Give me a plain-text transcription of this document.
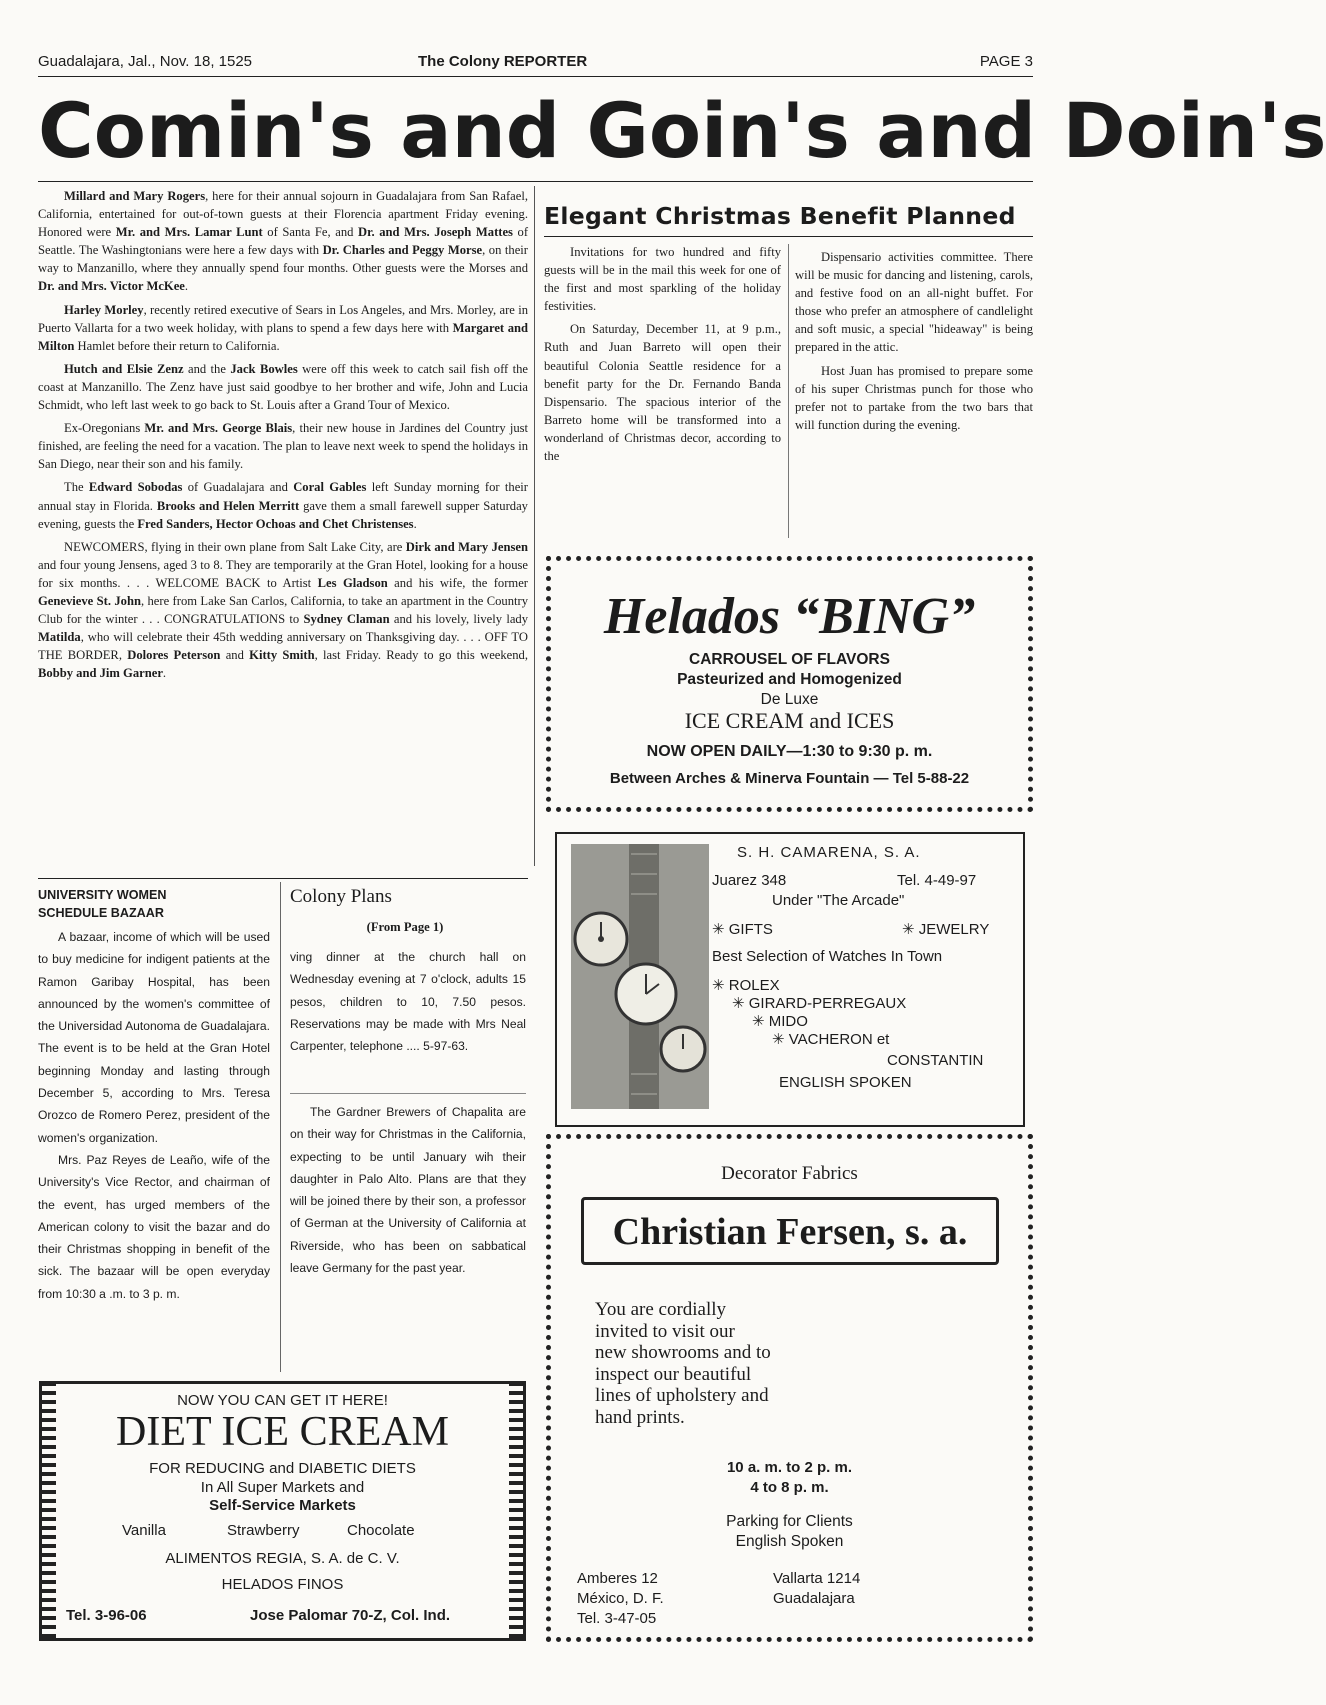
Guadalajara, Jal., Nov. 18, 1525	The Colony REPORTER	PAGE 3
Comin's and Goin's and Doin's

Millard and Mary Rogers, here for their annual sojourn in Guadalajara from San Rafael, California, entertained for out-of-town guests at their Florencia apartment Friday evening. Honored were Mr. and Mrs. Lamar Lunt of Santa Fe, and Dr. and Mrs. Joseph Mattes of Seattle. The Washingtonians were here a few days with Dr. Charles and Peggy Morse, on their way to Manzanillo, where they annually spend four months. Other guests were the Morses and Dr. and Mrs. Victor McKee.

Harley Morley, recently retired executive of Sears in Los Angeles, and Mrs. Morley, are in Puerto Vallarta for a two week holiday, with plans to spend a few days here with Margaret and Milton Hamlet before their return to California.

Hutch and Elsie Zenz and the Jack Bowles were off this week to catch sail fish off the coast at Manzanillo. The Zenz have just said goodbye to her brother and wife, John and Lucia Schmidt, who left last week to go back to St. Louis after a Grand Tour of Mexico.

Ex-Oregonians Mr. and Mrs. George Blais, their new house in Jardines del Country just finished, are feeling the need for a vacation. The plan to leave next week to spend the holidays in San Diego, near their son and his family.

The Edward Sobodas of Guadalajara and Coral Gables left Sunday morning for their annual stay in Florida. Brooks and Helen Merritt gave them a small farewell supper Saturday evening, guests the Fred Sanders, Hector Ochoas and Chet Christenses.

NEWCOMERS, flying in their own plane from Salt Lake City, are Dirk and Mary Jensen and four young Jensens, aged 3 to 8. They are temporarily at the Gran Hotel, looking for a house for six months. . . . WELCOME BACK to Artist Les Gladson and his wife, the former Genevieve St. John, here from Lake San Carlos, California, to take an apartment in the Country Club for the winter . . . CONGRATULATIONS to Sydney Claman and his lovely, lively lady Matilda, who will celebrate their 45th wedding anniversary on Thanksgiving day. . . . OFF TO THE BORDER, Dolores Peterson and Kitty Smith, last Friday. Ready to go this weekend, Bobby and Jim Garner.

Elegant Christmas Benefit Planned

Invitations for two hundred and fifty guests will be in the mail this week for one of the first and most sparkling of the holiday festivities.

On Saturday, December 11, at 9 p.m., Ruth and Juan Barreto will open their beautiful Colonia Seattle residence for a benefit party for the Dr. Fernando Banda Dispensario. The spacious interior of the Barreto home will be transformed into a wonderland of Christmas decor, according to the

Dispensario activities committee. There will be music for dancing and listening, carols, and festive food on an all-night buffet. For those who prefer an atmosphere of candlelight and soft music, a special "hideaway" is being prepared in the attic.

Host Juan has promised to prepare some of his super Christmas punch for those who prefer not to partake from the two bars that will function during the evening.

UNIVERSITY WOMEN
SCHEDULE BAZAAR

A bazaar, income of which will be used to buy medicine for indigent patients at the Ramon Garibay Hospital, has been announced by the women's committee of the Universidad Autonoma de Guadalajara. The event is to be held at the Gran Hotel beginning Monday and lasting through December 5, according to Mrs. Teresa Orozco de Romero Perez, president of the women's organization.

Mrs. Paz Reyes de Leaño, wife of the University's Vice Rector, and chairman of the event, has urged members of the American colony to visit the bazar and do their Christmas shopping in benefit of the sick. The bazaar will be open everyday from 10:30 a .m. to 3 p. m.

Colony Plans
(From Page 1)

ving dinner at the church hall on Wednesday evening at 7 o'clock, adults 15 pesos, children to 10, 7.50 pesos. Reservations may be made with Mrs Neal Carpenter, telephone .... 5-97-63.

The Gardner Brewers of Chapalita are on their way for Christmas in the California, expecting to be until January wih their daughter in Palo Alto. Plans are that they will be joined there by their son, a professor of German at the University of California at Riverside, who has been on sabbatical leave Germany for the past year.

Helados “BING”
CARROUSEL OF FLAVORS
Pasteurized and Homogenized
De Luxe
ICE CREAM and ICES
NOW OPEN DAILY—1:30 to 9:30 p. m.
Between Arches & Minerva Fountain — Tel 5-88-22
S. H. CAMARENA, S. A.
Juarez 348	Tel. 4-49-97
Under "The Arcade"
✳ GIFTS	✳ JEWELRY
Best Selection of Watches In Town
✳ ROLEX
✳ GIRARD-PERREGAUX
✳ MIDO
✳ VACHERON et
CONSTANTIN
ENGLISH SPOKEN
Decorator Fabrics
Christian Fersen, s. a.
You are cordially
invited to visit our
new showrooms and to
inspect our beautiful
lines of upholstery and
hand prints.
10 a. m. to 2 p. m.
4 to 8 p. m.
Parking for Clients
English Spoken
Amberes 12
México, D. F.
Tel. 3-47-05
Vallarta 1214
Guadalajara
NOW YOU CAN GET IT HERE!
DIET ICE CREAM
FOR REDUCING and DIABETIC DIETS
In All Super Markets and
Self-Service Markets
Vanilla	Strawberry	Chocolate
ALIMENTOS REGIA, S. A. de C. V.
HELADOS FINOS
Tel. 3-96-06	Jose Palomar 70-Z, Col. Ind.
